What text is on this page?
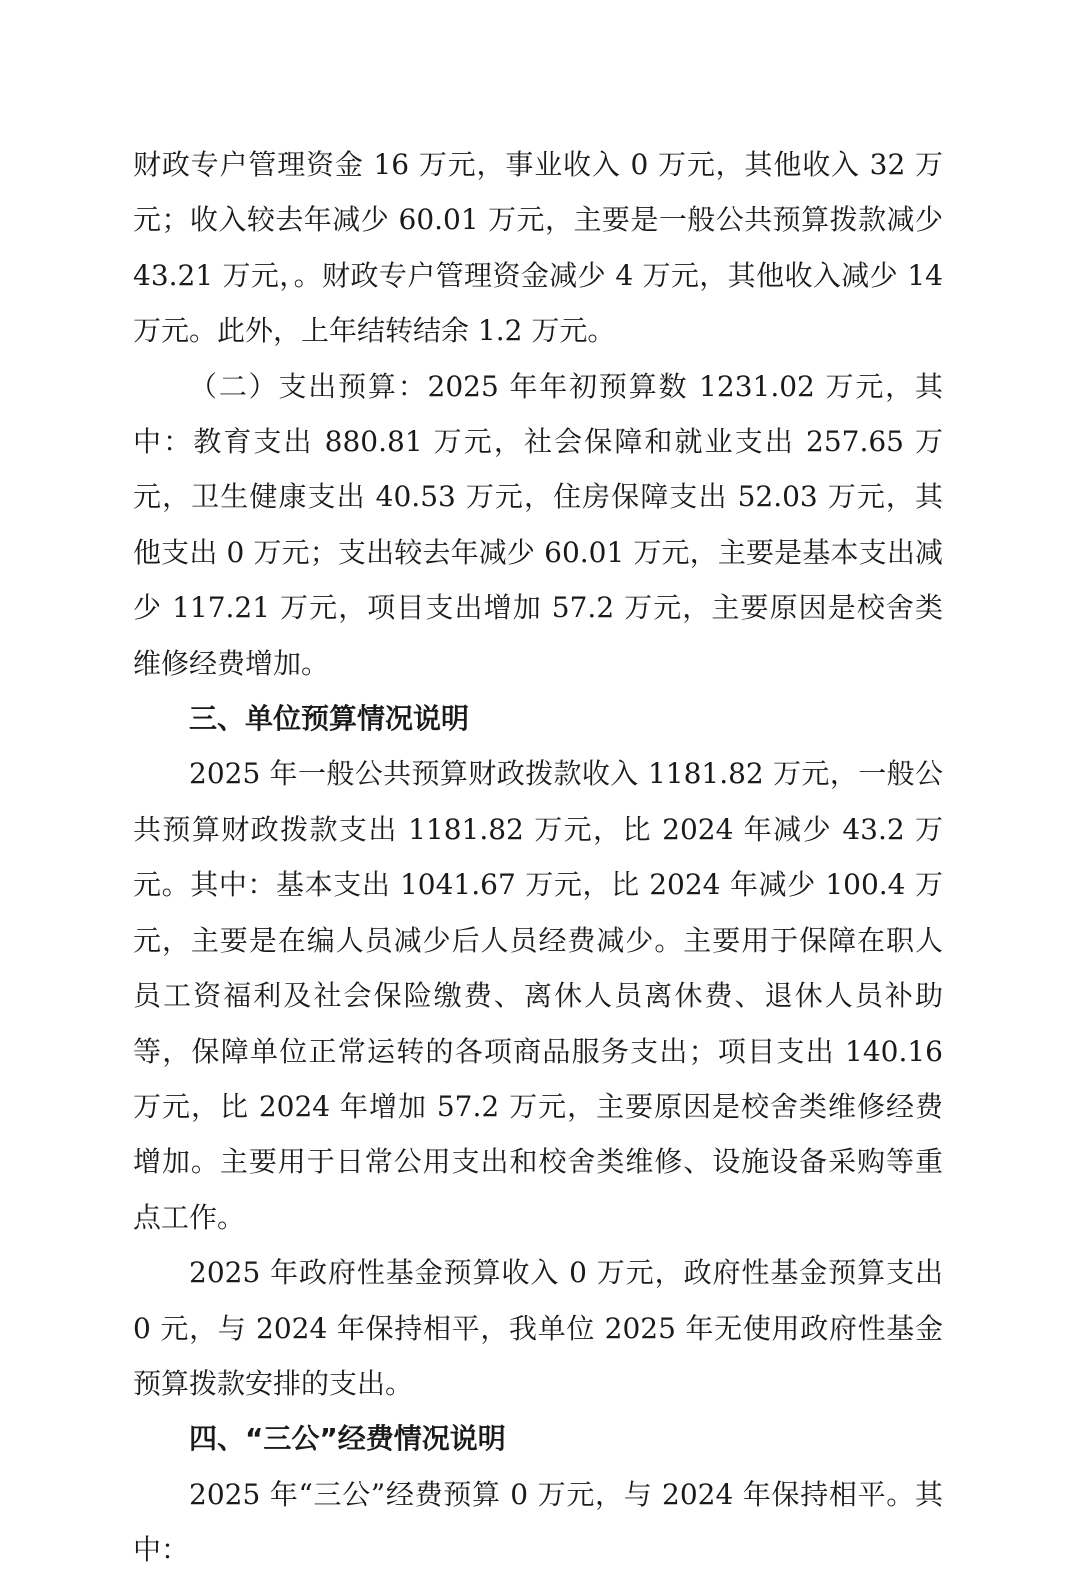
财政专户管理资金 16 万元，事业收入 0 万元，其他收入 32 万元；收入较去年减少 60.01 万元，主要是一般公共预算拨款减少 43.21 万元，。财政专户管理资金减少 4 万元，其他收入减少 14 万元。此外，上年结转结余 1.2 万元。

（二）支出预算：2025 年年初预算数 1231.02 万元，其中：教育支出 880.81 万元，社会保障和就业支出 257.65 万元，卫生健康支出 40.53 万元，住房保障支出 52.03 万元，其他支出 0 万元；支出较去年减少 60.01 万元，主要是基本支出减少 117.21 万元，项目支出增加 57.2 万元，主要原因是校舍类维修经费增加。

三、单位预算情况说明

2025 年一般公共预算财政拨款收入 1181.82 万元，一般公共预算财政拨款支出 1181.82 万元，比 2024 年减少 43.2 万元。其中：基本支出 1041.67 万元，比 2024 年减少 100.4 万元，主要是在编人员减少后人员经费减少。主要用于保障在职人员工资福利及社会保险缴费、离休人员离休费、退休人员补助等，保障单位正常运转的各项商品服务支出；项目支出 140.16 万元，比 2024 年增加 57.2 万元，主要原因是校舍类维修经费增加。主要用于日常公用支出和校舍类维修、设施设备采购等重点工作。

2025 年政府性基金预算收入 0 万元，政府性基金预算支出 0 元，与 2024 年保持相平，我单位 2025 年无使用政府性基金预算拨款安排的支出。

四、“三公”经费情况说明

2025 年“三公”经费预算 0 万元，与 2024 年保持相平。其中：
